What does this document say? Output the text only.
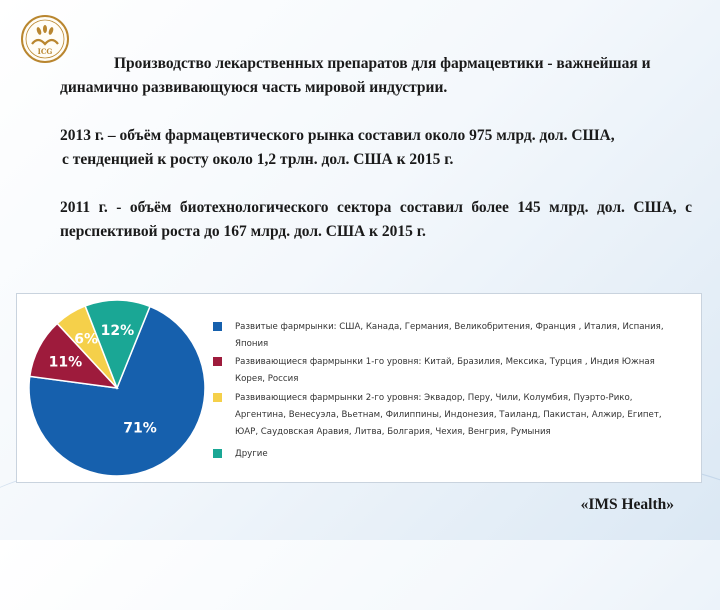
ICG

Производство лекарственных препаратов для фармацевтики - важнейшая и динамично развивающуюся часть мировой индустрии.

2013 г. – объём фармацевтического рынка составил около 975 млрд. дол. США,

с тенденцией к росту около 1,2 трлн. дол. США к 2015 г.

2011 г. - объём биотехнологического сектора составил более 145 млрд. дол. США, с перспективой роста до 167 млрд. дол. США к 2015 г.

71%
11%
6%
12%	Развитые фармрынки: США, Канада, Германия, Великобритения, Франция , Италия, Испания, Япония
Развивающиеся фармрынки 1-го уровня: Китай, Бразилия, Мексика, Турция , Индия Южная Корея, Россия
Развивающиеся фармрынки 2-го уровня: Эквадор, Перу, Чили, Колумбия, Пуэрто-Рико, Аргентина, Венесуэла, Вьетнам, Филиппины, Индонезия, Таиланд, Пакистан, Алжир, Египет, ЮАР, Саудовская Аравия, Литва, Болгария, Чехия, Венгрия, Румыния
Другие
«IMS Health»
